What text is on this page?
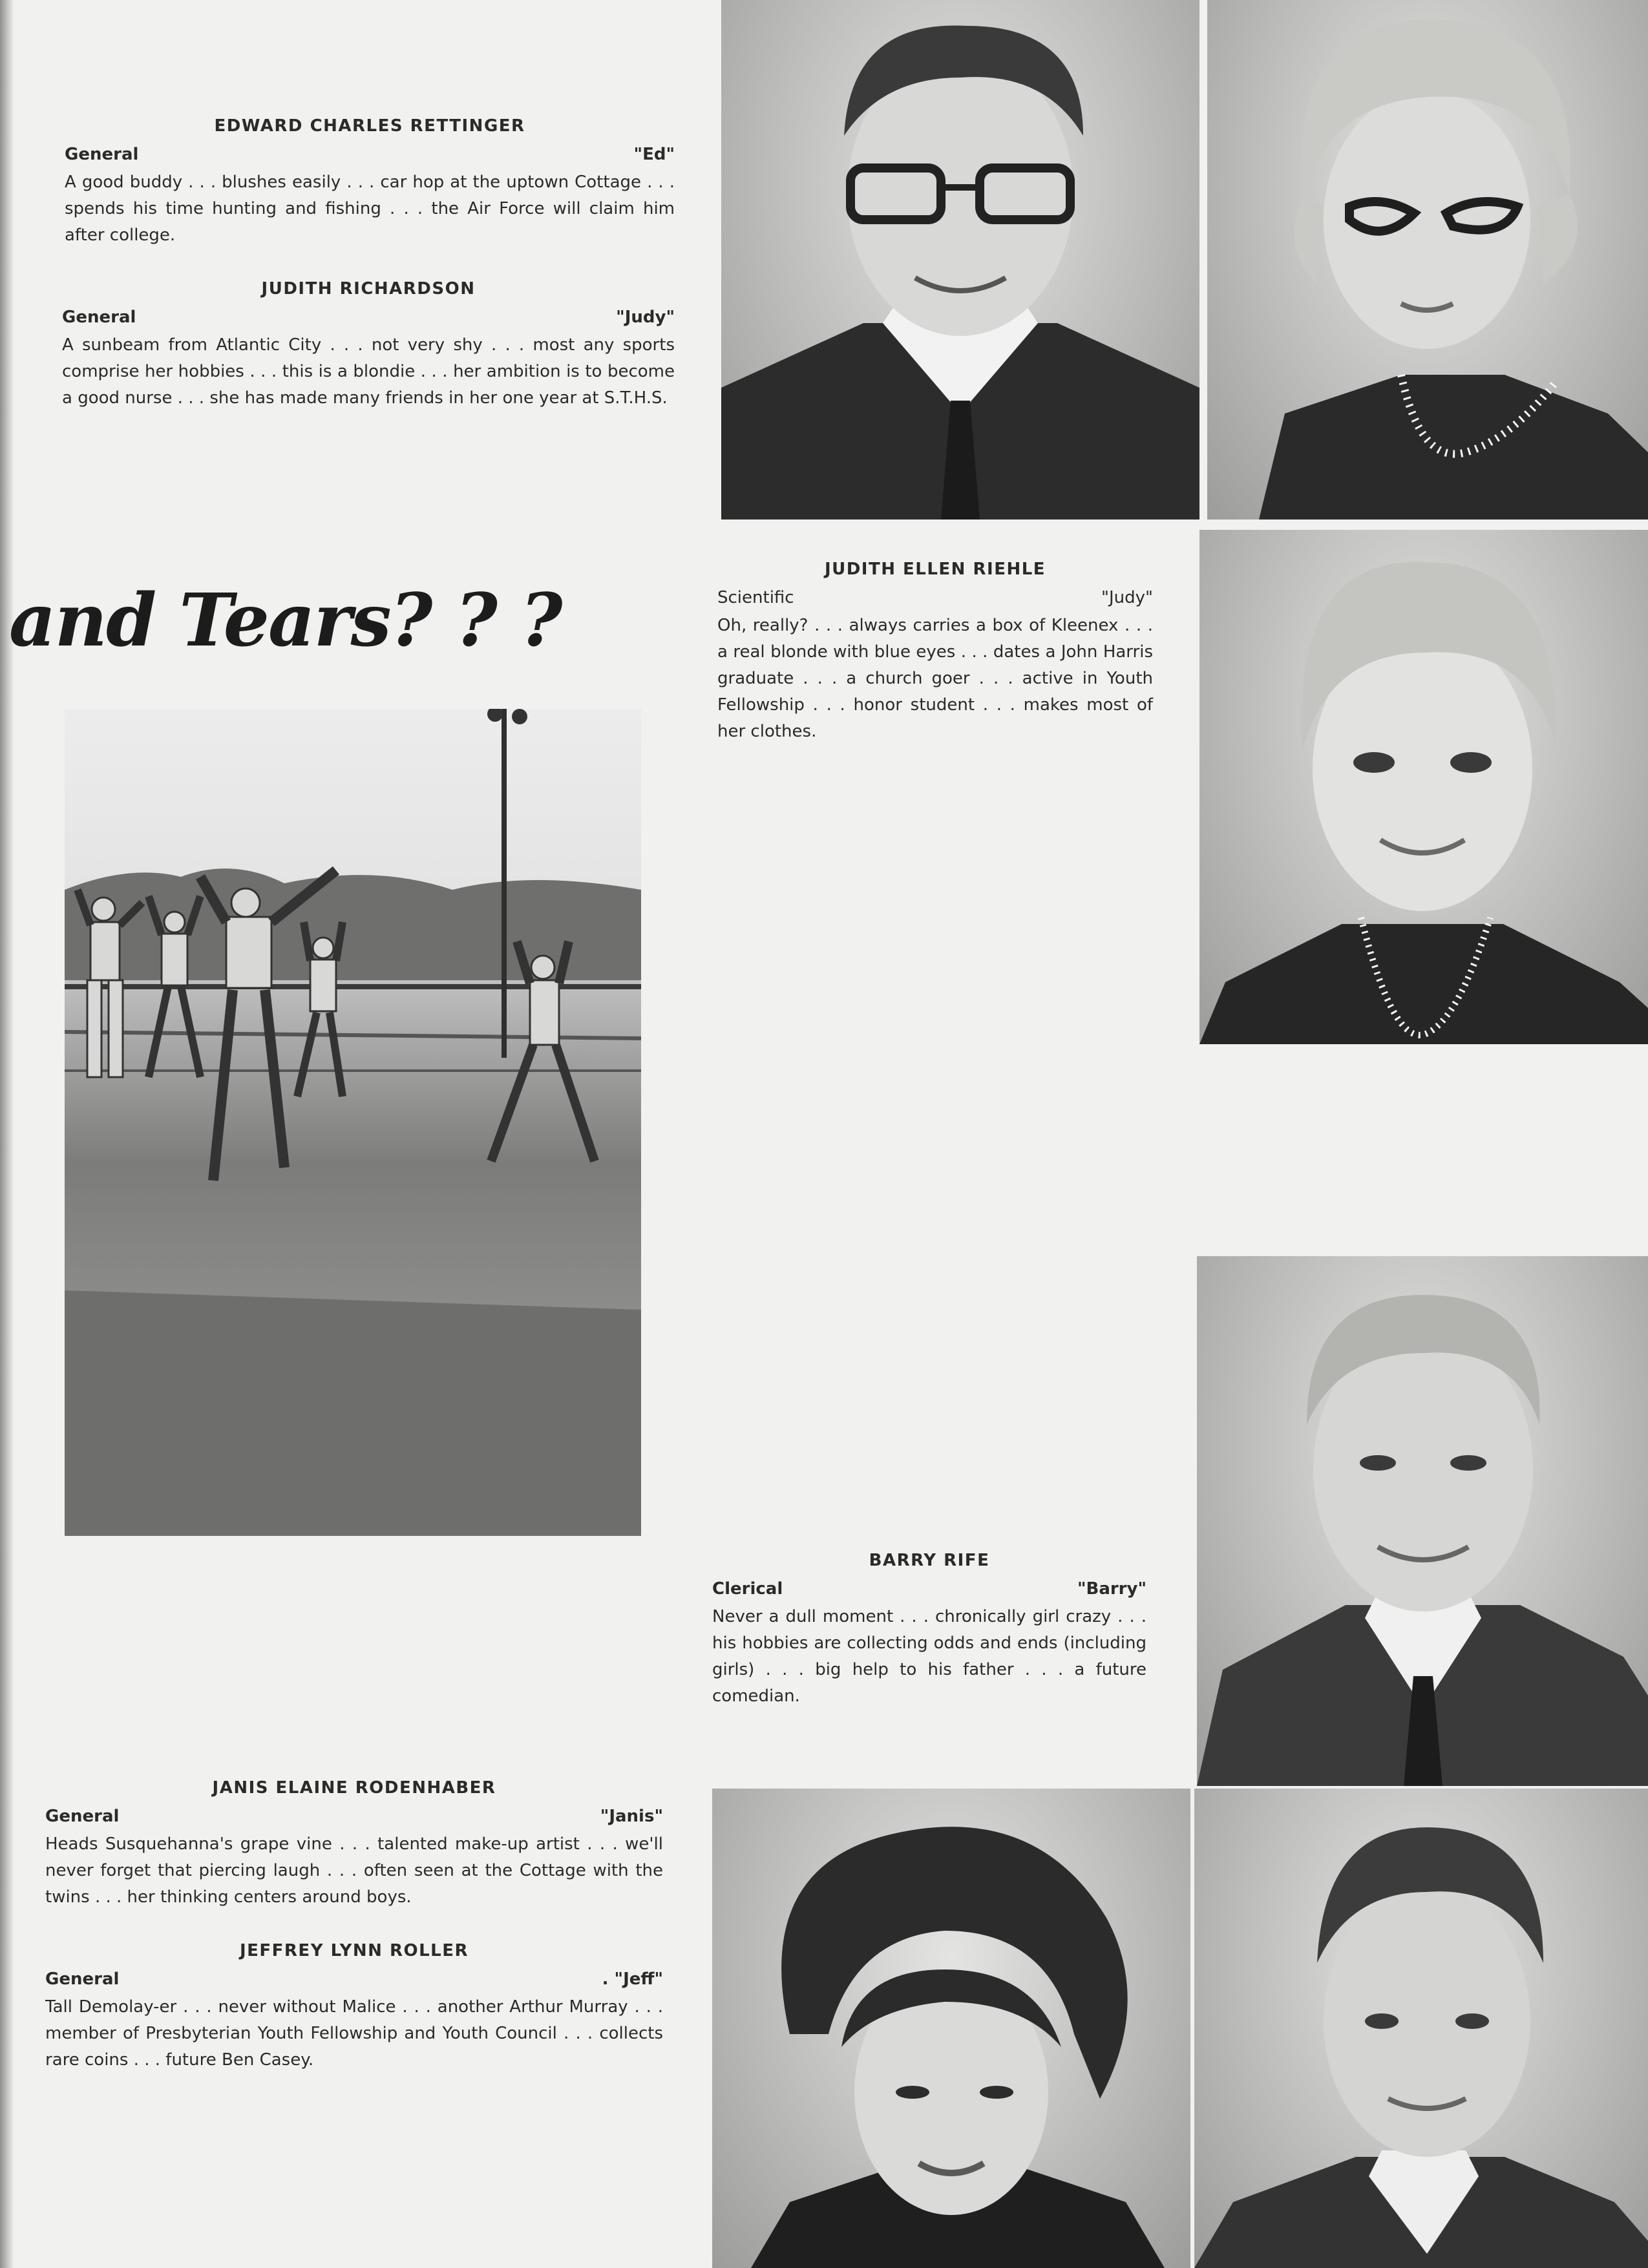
EDWARD CHARLES RETTINGER
General	"Ed"
A good buddy . . . blushes easily . . . car hop at the uptown Cottage . . . spends his time hunting and fishing . . . the Air Force will claim him after college.
JUDITH RICHARDSON
General	"Judy"
A sunbeam from Atlantic City . . . not very shy . . . most any sports comprise her hobbies . . . this is a blondie . . . her ambition is to become a good nurse . . . she has made many friends in her one year at S.T.H.S.
and Tears? ? ?
JUDITH ELLEN RIEHLE
Scientific	"Judy"
Oh, really? . . . always carries a box of Kleenex . . . a real blonde with blue eyes . . . dates a John Harris graduate . . . a church goer . . . active in Youth Fellowship . . . honor student . . . makes most of her clothes.
BARRY RIFE
Clerical	"Barry"
Never a dull moment . . . chronically girl crazy . . . his hobbies are collecting odds and ends (including girls) . . . big help to his father . . . a future comedian.
JANIS ELAINE RODENHABER
General	"Janis"
Heads Susquehanna's grape vine . . . talented make-up artist . . . we'll never forget that piercing laugh . . . often seen at the Cottage with the twins . . . her thinking centers around boys.
JEFFREY LYNN ROLLER
General	. "Jeff"
Tall Demolay-er . . . never without Malice . . . another Arthur Murray . . . member of Presbyterian Youth Fellowship and Youth Council . . . collects rare coins . . . future Ben Casey.
